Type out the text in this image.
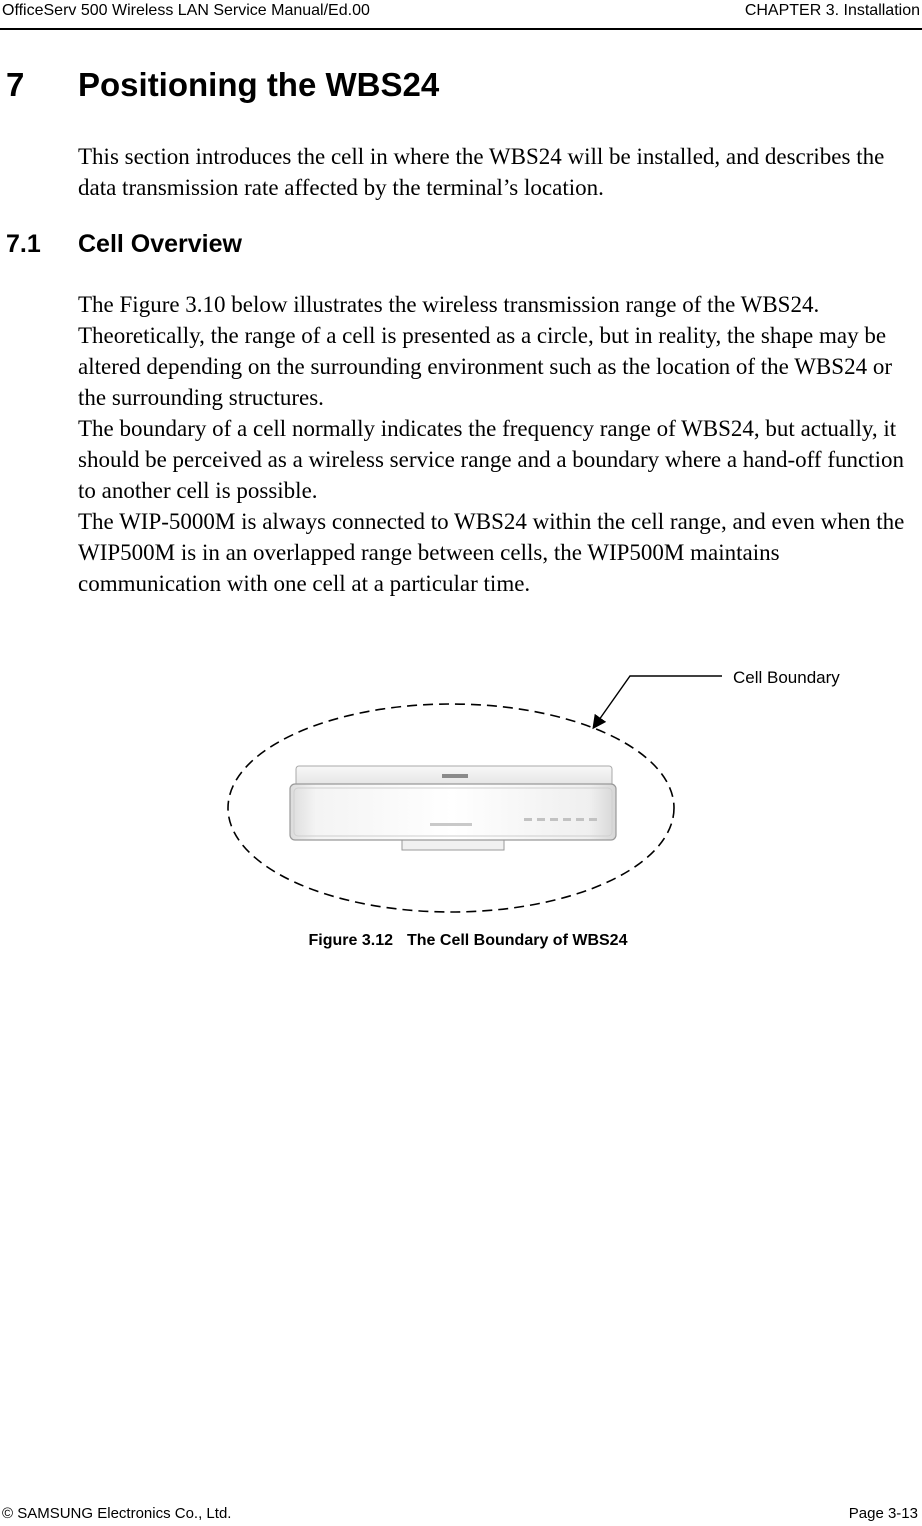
OfficeServ 500 Wireless LAN Service Manual/Ed.00	CHAPTER 3. Installation
7 Positioning the WBS24
This section introduces the cell in where the WBS24 will be installed, and describes the data transmission rate affected by the terminal’s location.
7.1 Cell Overview
The Figure 3.10 below illustrates the wireless transmission range of the WBS24. Theoretically, the range of a cell is presented as a circle, but in reality, the shape may be altered depending on the surrounding environment such as the location of the WBS24 or the surrounding structures.
The boundary of a cell normally indicates the frequency range of WBS24, but actually, it should be perceived as a wireless service range and a boundary where a hand-off function to another cell is possible.
The WIP-5000M is always connected to WBS24 within the cell range, and even when the WIP500M is in an overlapped range between cells, the WIP500M maintains communication with one cell at a particular time.
Cell Boundary
Figure 3.12 The Cell Boundary of WBS24
© SAMSUNG Electronics Co., Ltd.	Page 3-13
